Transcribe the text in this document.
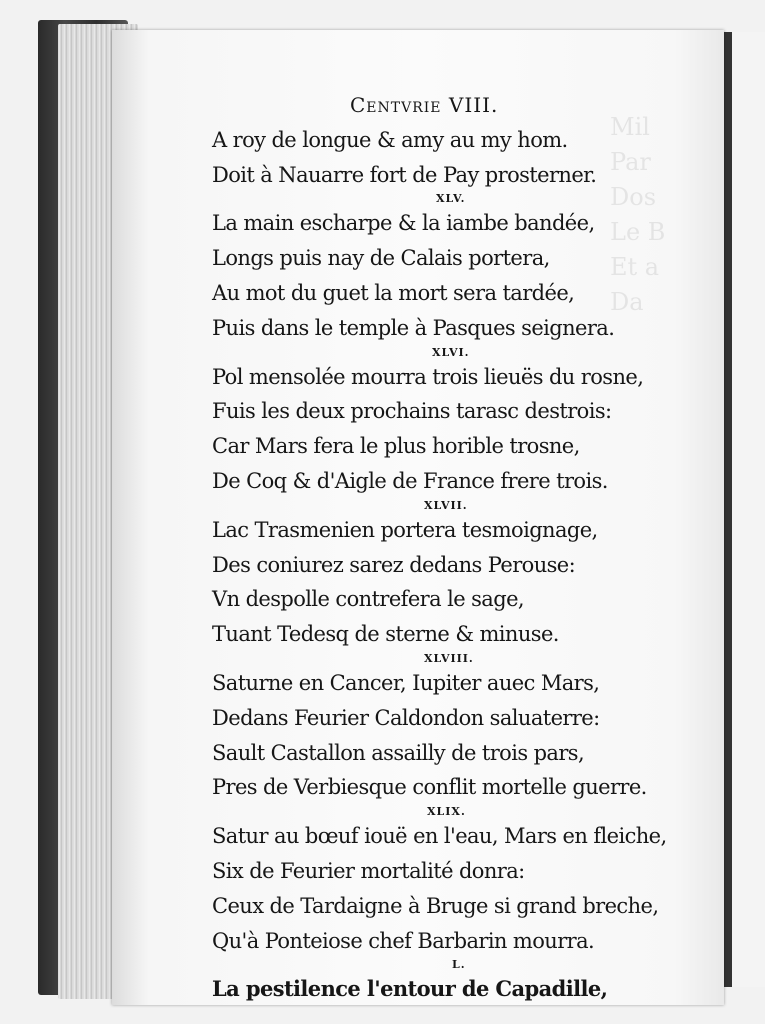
Mil
Par
Dos
Le B
Et a
Da

Centvrie VIII.
A roy de longue & amy au my hom.
Doit à Nauarre fort de Pay prosterner.
XLV.
La main escharpe & la iambe bandée,
Longs puis nay de Calais portera,
Au mot du guet la mort sera tardée,
Puis dans le temple à Pasques seignera.
XLVI.
Pol mensolée mourra trois lieuës du rosne,
Fuis les deux prochains tarasc destrois:
Car Mars fera le plus horible trosne,
De Coq & d'Aigle de France frere trois.
XLVII.
Lac Trasmenien portera tesmoignage,
Des coniurez sarez dedans Perouse:
Vn despolle contrefera le sage,
Tuant Tedesq de sterne & minuse.
XLVIII.
Saturne en Cancer, Iupiter auec Mars,
Dedans Feurier Caldondon saluaterre:
Sault Castallon assailly de trois pars,
Pres de Verbiesque conflit mortelle guerre.
XLIX.
Satur au bœuf iouë en l'eau, Mars en fleiche,
Six de Feurier mortalité donra:
Ceux de Tardaigne à Bruge si grand breche,
Qu'à Ponteiose chef Barbarin mourra.
L.
La pestilence l'entour de Capadille,
